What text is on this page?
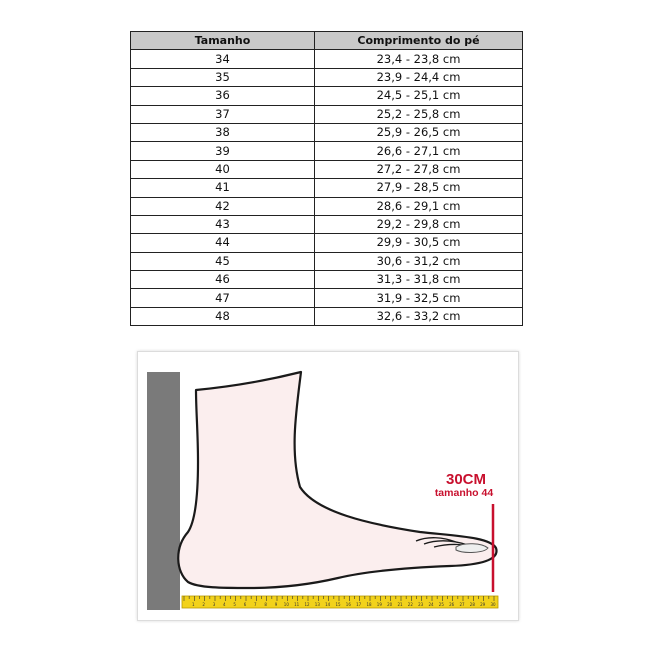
Tamanho	Comprimento do pé
34	23,4 - 23,8 cm
35	23,9 - 24,4 cm
36	24,5 - 25,1 cm
37	25,2 - 25,8 cm
38	25,9 - 26,5 cm
39	26,6 - 27,1 cm
40	27,2 - 27,8 cm
41	27,9 - 28,5 cm
42	28,6 - 29,1 cm
43	29,2 - 29,8 cm
44	29,9 - 30,5 cm
45	30,6 - 31,2 cm
46	31,3 - 31,8 cm
47	31,9 - 32,5 cm
48	32,6 - 33,2 cm
1 2 3 4 5 6 7 8 9 10 11 12 13 14 15 16 17 18 19 20 21 22 23 24 25 26 27 28 29 30
30CM
tamanho 44
